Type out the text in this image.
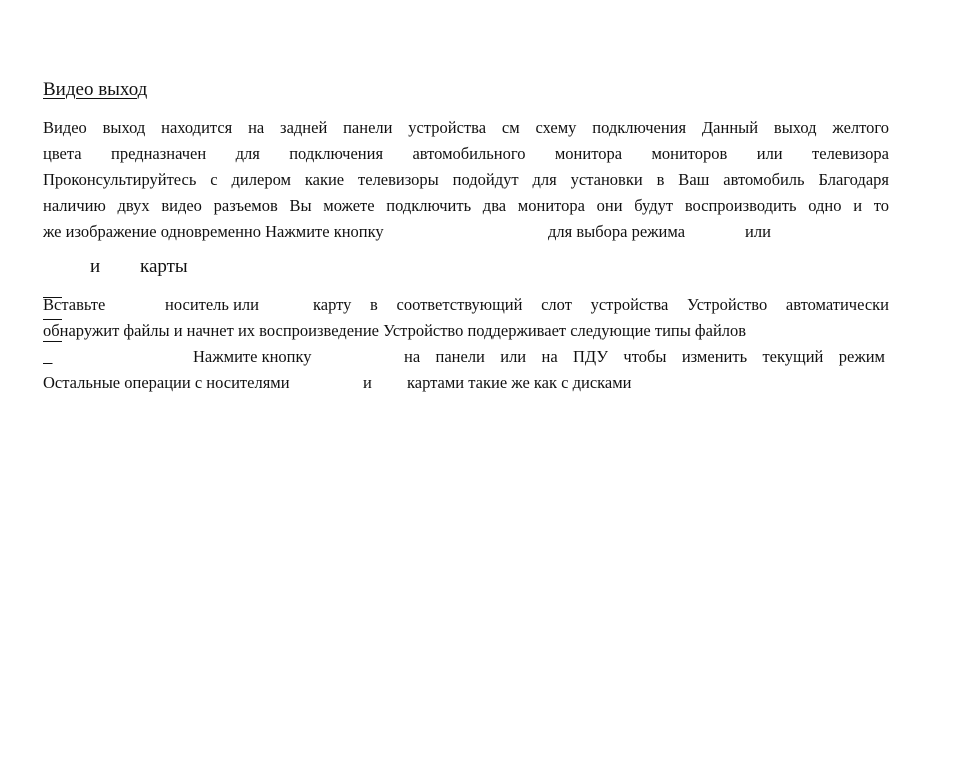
Видео выход
Видео выход находится на задней панели устройства см схему подключения Данный выход желтого
цвета предназначен для подключения автомобильного монитора мониторов или телевизора
Проконсультируйтесь с дилером какие телевизоры подойдут для установки в Ваш автомобиль Благодаря
наличию двух видео разъемов Вы можете подключить два монитора они будут воспроизводить одно и то
же изображение одновременно Нажмите кнопку	для выбора режима	или

и

карты

Вставьте	носитель или	карту в соответствующий слот устройства Устройство автоматически
обнаружит файлы и начнет их воспроизведение Устройство поддерживает следующие типы файлов
Нажмите кнопку	на панели или на ПДУ чтобы изменить текущий режим
Остальные операции с носителями	и картами такие же как с дисками
